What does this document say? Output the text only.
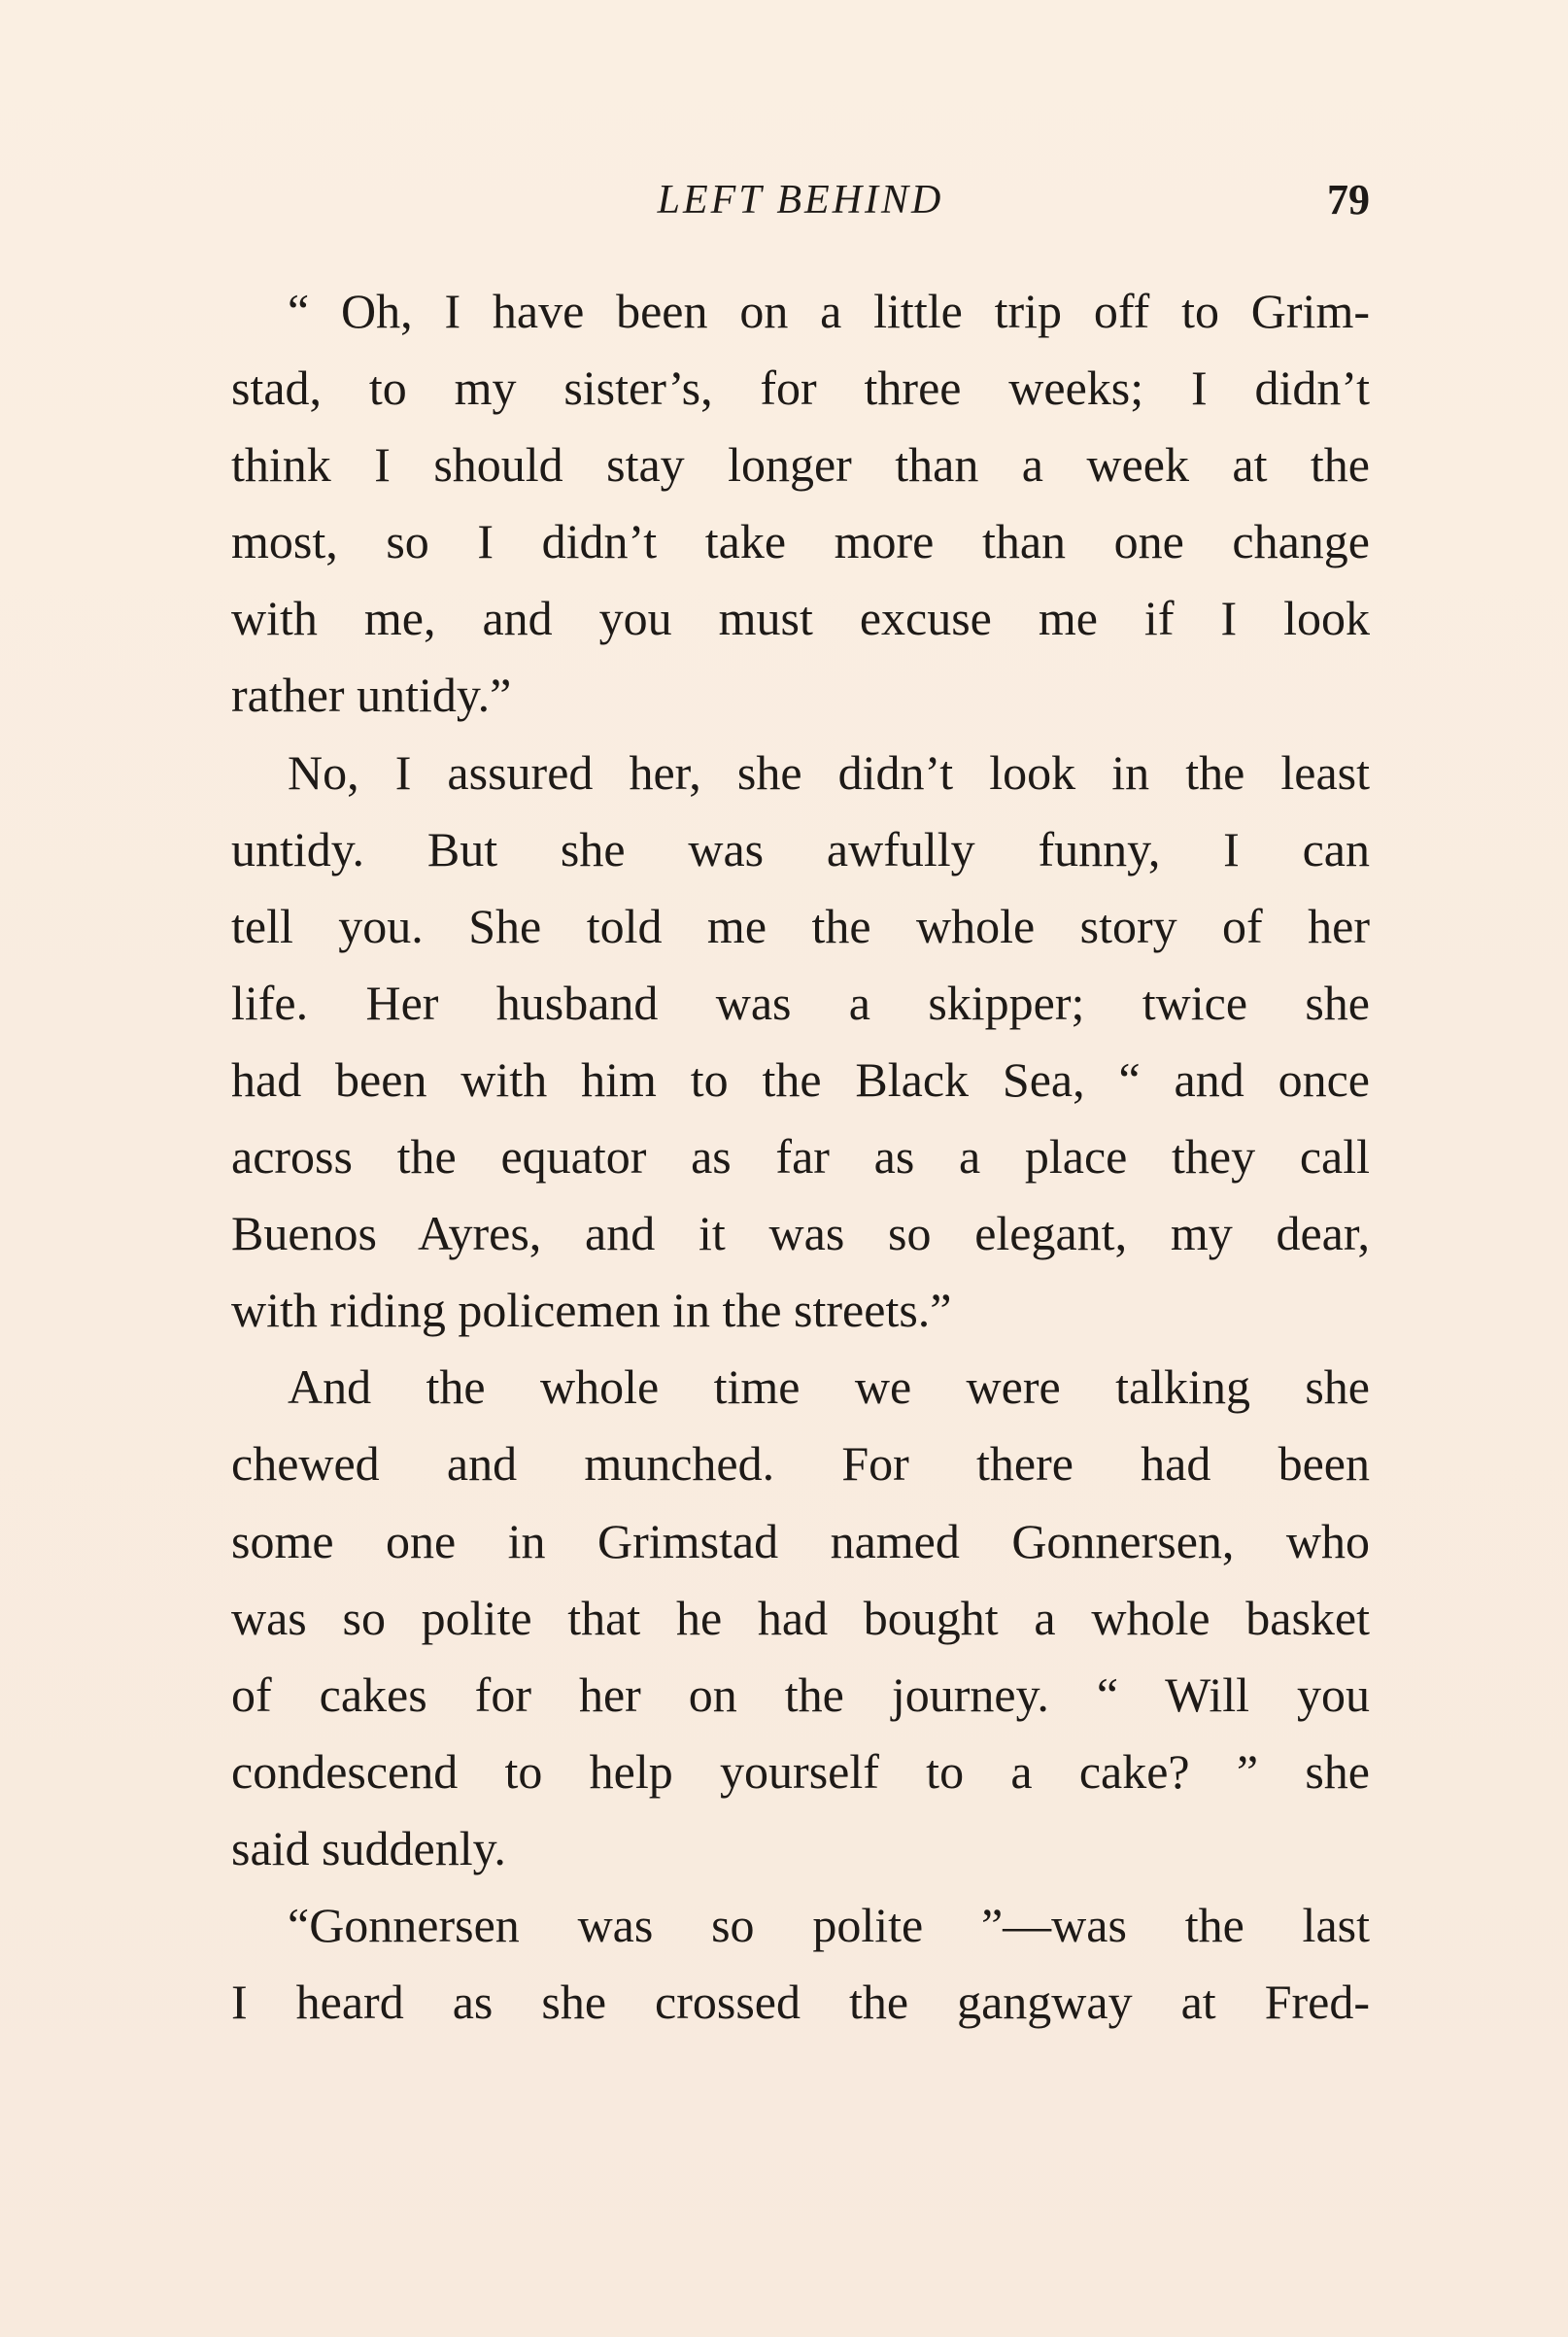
LEFT BEHIND	79
“ Oh, I have been on a little trip off to Grim-
stad, to my sister’s, for three weeks; I didn’t
think I should stay longer than a week at the
most, so I didn’t take more than one change
with me, and you must excuse me if I look
rather untidy.”
No, I assured her, she didn’t look in the least
untidy. But she was awfully funny, I can
tell you. She told me the whole story of her
life. Her husband was a skipper; twice she
had been with him to the Black Sea, “ and once
across the equator as far as a place they call
Buenos Ayres, and it was so elegant, my dear,
with riding policemen in the streets.”
And the whole time we were talking she
chewed and munched. For there had been
some one in Grimstad named Gonnersen, who
was so polite that he had bought a whole basket
of cakes for her on the journey. “ Will you
condescend to help yourself to a cake? ” she
said suddenly.
“Gonnersen was so polite ”—was the last
I heard as she crossed the gangway at Fred-
